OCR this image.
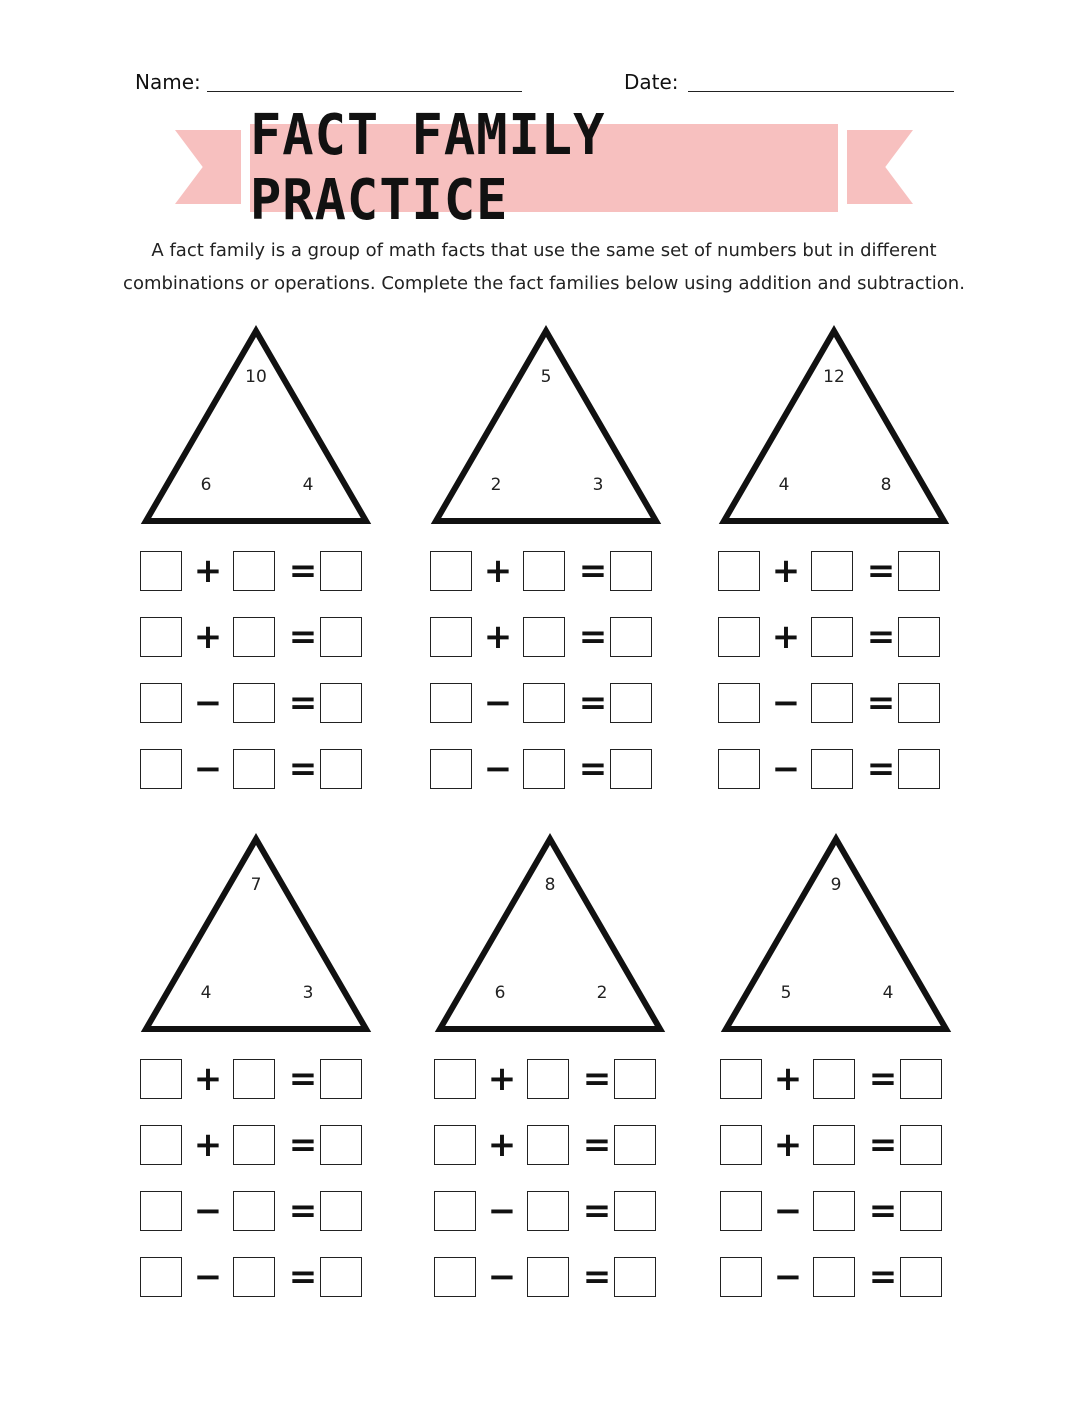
Name:	Date:
FACT FAMILY PRACTICE
A fact family is a group of math facts that use the same set of numbers but in different
combinations or operations. Complete the fact families below using addition and subtraction.
10
6	4
+ =
+ =
− =
− =
5
2	3
+ =
+ =
− =
− =
12
4	8
+ =
+ =
− =
− =
7
4	3
+ =
+ =
− =
− =
8
6	2
+ =
+ =
− =
− =
9
5	4
+ =
+ =
− =
− =
